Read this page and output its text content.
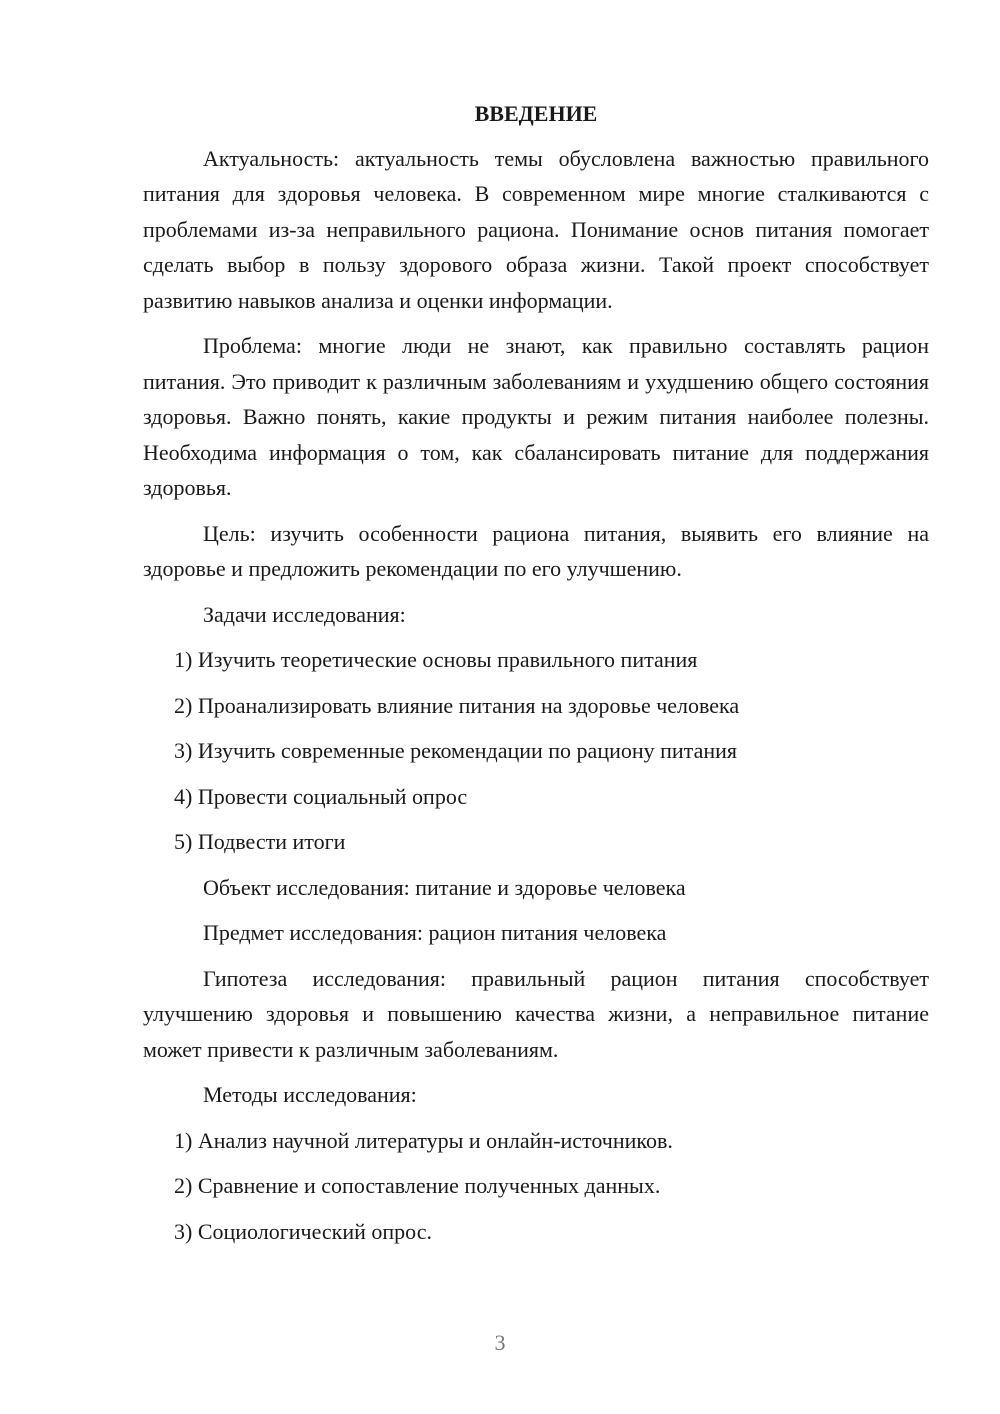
ВВЕДЕНИЕ

Актуальность: актуальность темы обусловлена важностью правильного питания для здоровья человека. В современном мире многие сталкиваются с проблемами из-за неправильного рациона. Понимание основ питания помогает сделать выбор в пользу здорового образа жизни. Такой проект способствует развитию навыков анализа и оценки информации.

Проблема: многие люди не знают, как правильно составлять рацион питания. Это приводит к различным заболеваниям и ухудшению общего состояния здоровья. Важно понять, какие продукты и режим питания наиболее полезны. Необходима информация о том, как сбалансировать питание для поддержания здоровья.

Цель: изучить особенности рациона питания, выявить его влияние на здоровье и предложить рекомендации по его улучшению.

Задачи исследования:

1) Изучить теоретические основы правильного питания

2) Проанализировать влияние питания на здоровье человека

3) Изучить современные рекомендации по рациону питания

4) Провести социальный опрос

5) Подвести итоги

Объект исследования: питание и здоровье человека

Предмет исследования: рацион питания человека

Гипотеза исследования: правильный рацион питания способствует улучшению здоровья и повышению качества жизни, а неправильное питание может привести к различным заболеваниям.

Методы исследования:

1) Анализ научной литературы и онлайн-источников.

2) Сравнение и сопоставление полученных данных.

3) Социологический опрос.

3
